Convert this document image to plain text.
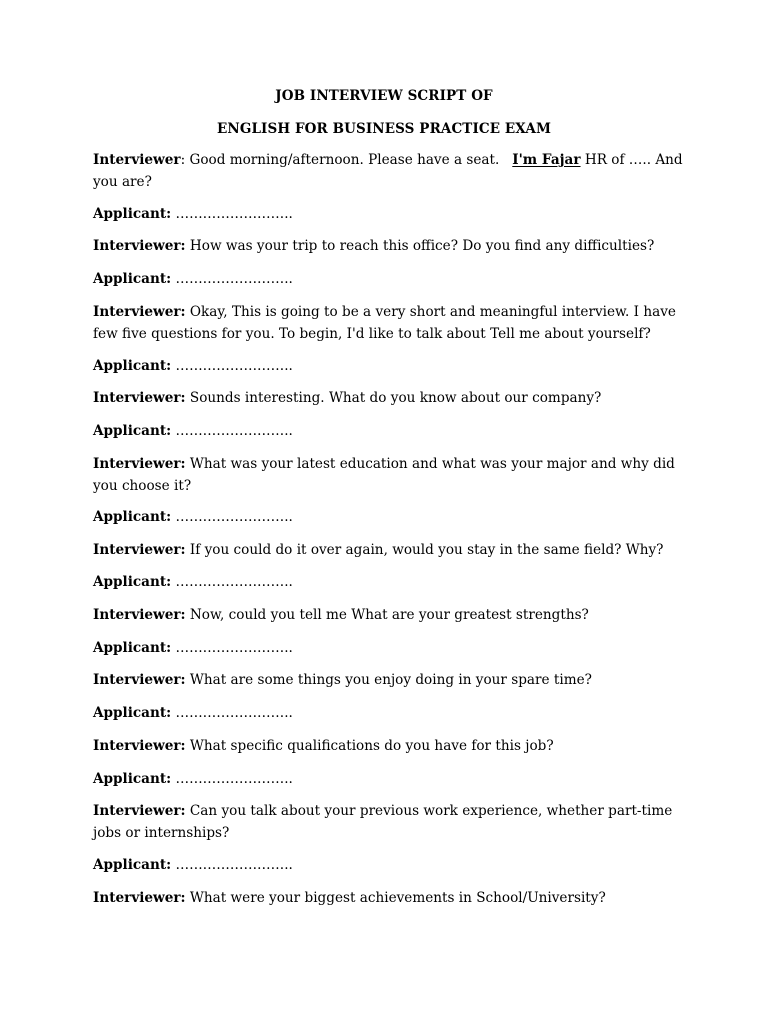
JOB INTERVIEW SCRIPT OF
ENGLISH FOR BUSINESS PRACTICE EXAM
Interviewer: Good morning/afternoon. Please have a seat. I'm Fajar HR of ….. And you are?
Applicant: ……………………..
Interviewer: How was your trip to reach this office? Do you find any difficulties?
Applicant: ……………………..
Interviewer: Okay, This is going to be a very short and meaningful interview. I have few five questions for you. To begin, I'd like to talk about Tell me about yourself?
Applicant: ……………………..
Interviewer: Sounds interesting. What do you know about our company?
Applicant: ……………………..
Interviewer: What was your latest education and what was your major and why did you choose it?
Applicant: ……………………..
Interviewer: If you could do it over again, would you stay in the same field? Why?
Applicant: ……………………..
Interviewer: Now, could you tell me What are your greatest strengths?
Applicant: ……………………..
Interviewer: What are some things you enjoy doing in your spare time?
Applicant: ……………………..
Interviewer: What specific qualifications do you have for this job?
Applicant: ……………………..
Interviewer: Can you talk about your previous work experience, whether part-time jobs or internships?
Applicant: ……………………..
Interviewer: What were your biggest achievements in School/University?
